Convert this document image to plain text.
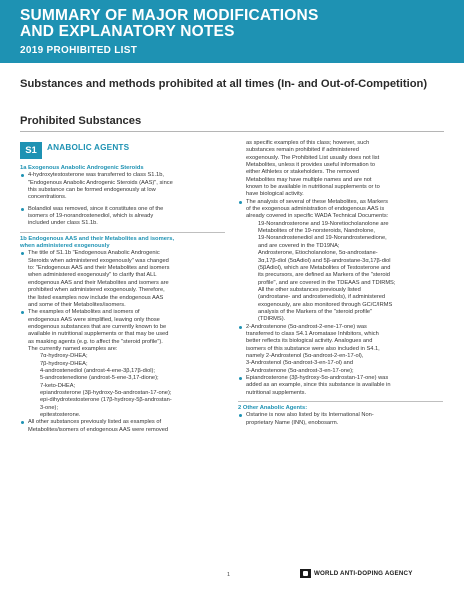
SUMMARY OF MAJOR MODIFICATIONS
AND EXPLANATORY NOTES
2019 PROHIBITED LIST
Substances and methods prohibited at all times (In- and Out-of-Competition)
Prohibited Substances
S1	ANABOLIC AGENTS
1a Exogenous Anabolic Androgenic Steroids
4-hydroxytestosterone was transferred to class S1.1b,
"Endogenous Anabolic Androgenic Steroids (AAS)", since
this substance can be formed endogenously at low
concentrations.
Bolandiol was removed, since it constitutes one of the
isomers of 19-norandrostenediol, which is already
included under class S1.1b.
1b Endogenous AAS and their Metabolites and isomers,
when administered exogenously
The title of S1.1b "Endogenous Anabolic Androgenic
Steroids when administered exogenously" was changed
to: "Endogenous AAS and their Metabolites and isomers
when administered exogenously" to clarify that ALL
endogenous AAS and their Metabolites and isomers are
prohibited when administered exogenously. Therefore,
the listed examples now include the endogenous AAS
and some of their Metabolites/isomers.
The examples of Metabolites and isomers of
endogenous AAS were simplified, leaving only those
endogenous substances that are currently known to be
available in nutritional supplements or that may be used
as masking agents (e.g. to affect the "steroid profile").
The currently named examples are:
7α-hydroxy-DHEA;
7β-hydroxy-DHEA;
4-androstenediol (androst-4-ene-3β,17β-diol);
5-androstenedione (androst-5-ene-3,17-dione);
7-keto-DHEA;
epiandrosterone (3β-hydroxy-5α-androstan-17-one);
epi-dihydrotestosterone (17β-hydroxy-5β-androstan-
3-one);
epitestosterone.
All other substances previously listed as examples of
Metabolites/isomers of endogenous AAS were removed
as specific examples of this class; however, such
substances remain prohibited if administered
exogenously. The Prohibited List usually does not list
Metabolites, unless it provides useful information to
either Athletes or stakeholders. The removed
Metabolites may have multiple names and are not
known to be available in nutritional supplements or to
have biological activity.
The analysis of several of these Metabolites, as Markers
of the exogenous administration of endogenous AAS is
already covered in specific WADA Technical Documents:
19-Norandrosterone and 19-Noretiocholanolone are
Metabolites of the 19-norsteroids, Nandrolone,
19-Norandrostenediol and 19-Norandrostenedione,
and are covered in the TD19NA;
Androsterone, Etiocholanolone, 5α-androstane-
3α,17β-diol (5αAdiol) and 5β-androstane-3α,17β-diol
(5βAdiol), which are Metabolites of Testosterone and
its precursors, are defined as Markers of the "steroid
profile", and are covered in the TDEAAS and TDIRMS;
All the other substances previously listed
(androstane- and androstenediols), if administered
exogenously, are also monitored through GC/C/IRMS
analysis of the Markers of the "steroid profile"
(TDIRMS).
2-Androstenone (5α-androst-2-ene-17-one) was
transferred to class S4.1 Aromatase Inhibitors, which
better reflects its biological activity. Analogues and
isomers of this substance were also included in S4.1,
namely 2-Androstenol (5α-androst-2-en-17-ol),
3-Androstenol (5α-androst-3-en-17-ol) and
3-Androstenone (5α-androst-3-en-17-one);
Epiandrosterone (3β-hydroxy-5α-androstan-17-one) was
added as an example, since this substance is available in
nutritional supplements.
2 Other Anabolic Agents:
Ostarine is now also listed by its International Non-
proprietary Name (INN), enobosarm.
1	WORLD ANTI-DOPING AGENCY
